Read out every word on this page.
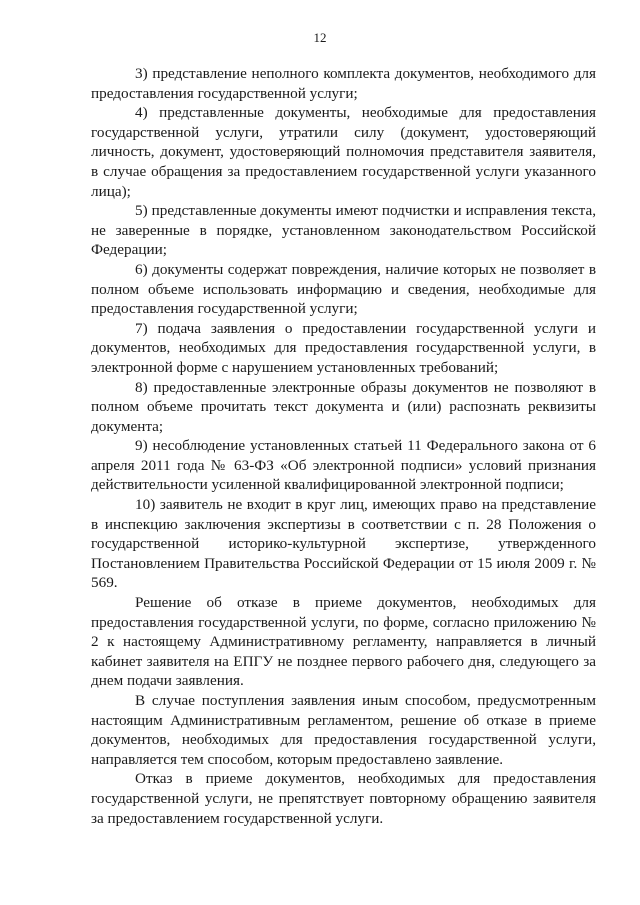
12

3) представление неполного комплекта документов, необходимого для предоставления государственной услуги;

4) представленные документы, необходимые для предоставления государственной услуги, утратили силу (документ, удостоверяющий личность, документ, удостоверяющий полномочия представителя заявителя, в случае обращения за предоставлением государственной услуги указанного лица);

5) представленные документы имеют подчистки и исправления текста, не заверенные в порядке, установленном законодательством Российской Федерации;

6) документы содержат повреждения, наличие которых не позволяет в полном объеме использовать информацию и сведения, необходимые для предоставления государственной услуги;

7) подача заявления о предоставлении государственной услуги и документов, необходимых для предоставления государственной услуги, в электронной форме с нарушением установленных требований;

8) предоставленные электронные образы документов не позволяют в полном объеме прочитать текст документа и (или) распознать реквизиты документа;

9) несоблюдение установленных статьей 11 Федерального закона от 6 апреля 2011 года № 63-ФЗ «Об электронной подписи» условий признания действительности усиленной квалифицированной электронной подписи;

10) заявитель не входит в круг лиц, имеющих право на представление в инспекцию заключения экспертизы в соответствии с п. 28 Положения о государственной историко-культурной экспертизе, утвержденного Постановлением Правительства Российской Федерации от 15 июля 2009 г. № 569.

Решение об отказе в приеме документов, необходимых для предоставления государственной услуги, по форме, согласно приложению № 2 к настоящему Административному регламенту, направляется в личный кабинет заявителя на ЕПГУ не позднее первого рабочего дня, следующего за днем подачи заявления.

В случае поступления заявления иным способом, предусмотренным настоящим Административным регламентом, решение об отказе в приеме документов, необходимых для предоставления государственной услуги, направляется тем способом, которым предоставлено заявление.

Отказ в приеме документов, необходимых для предоставления государственной услуги, не препятствует повторному обращению заявителя за предоставлением государственной услуги.
